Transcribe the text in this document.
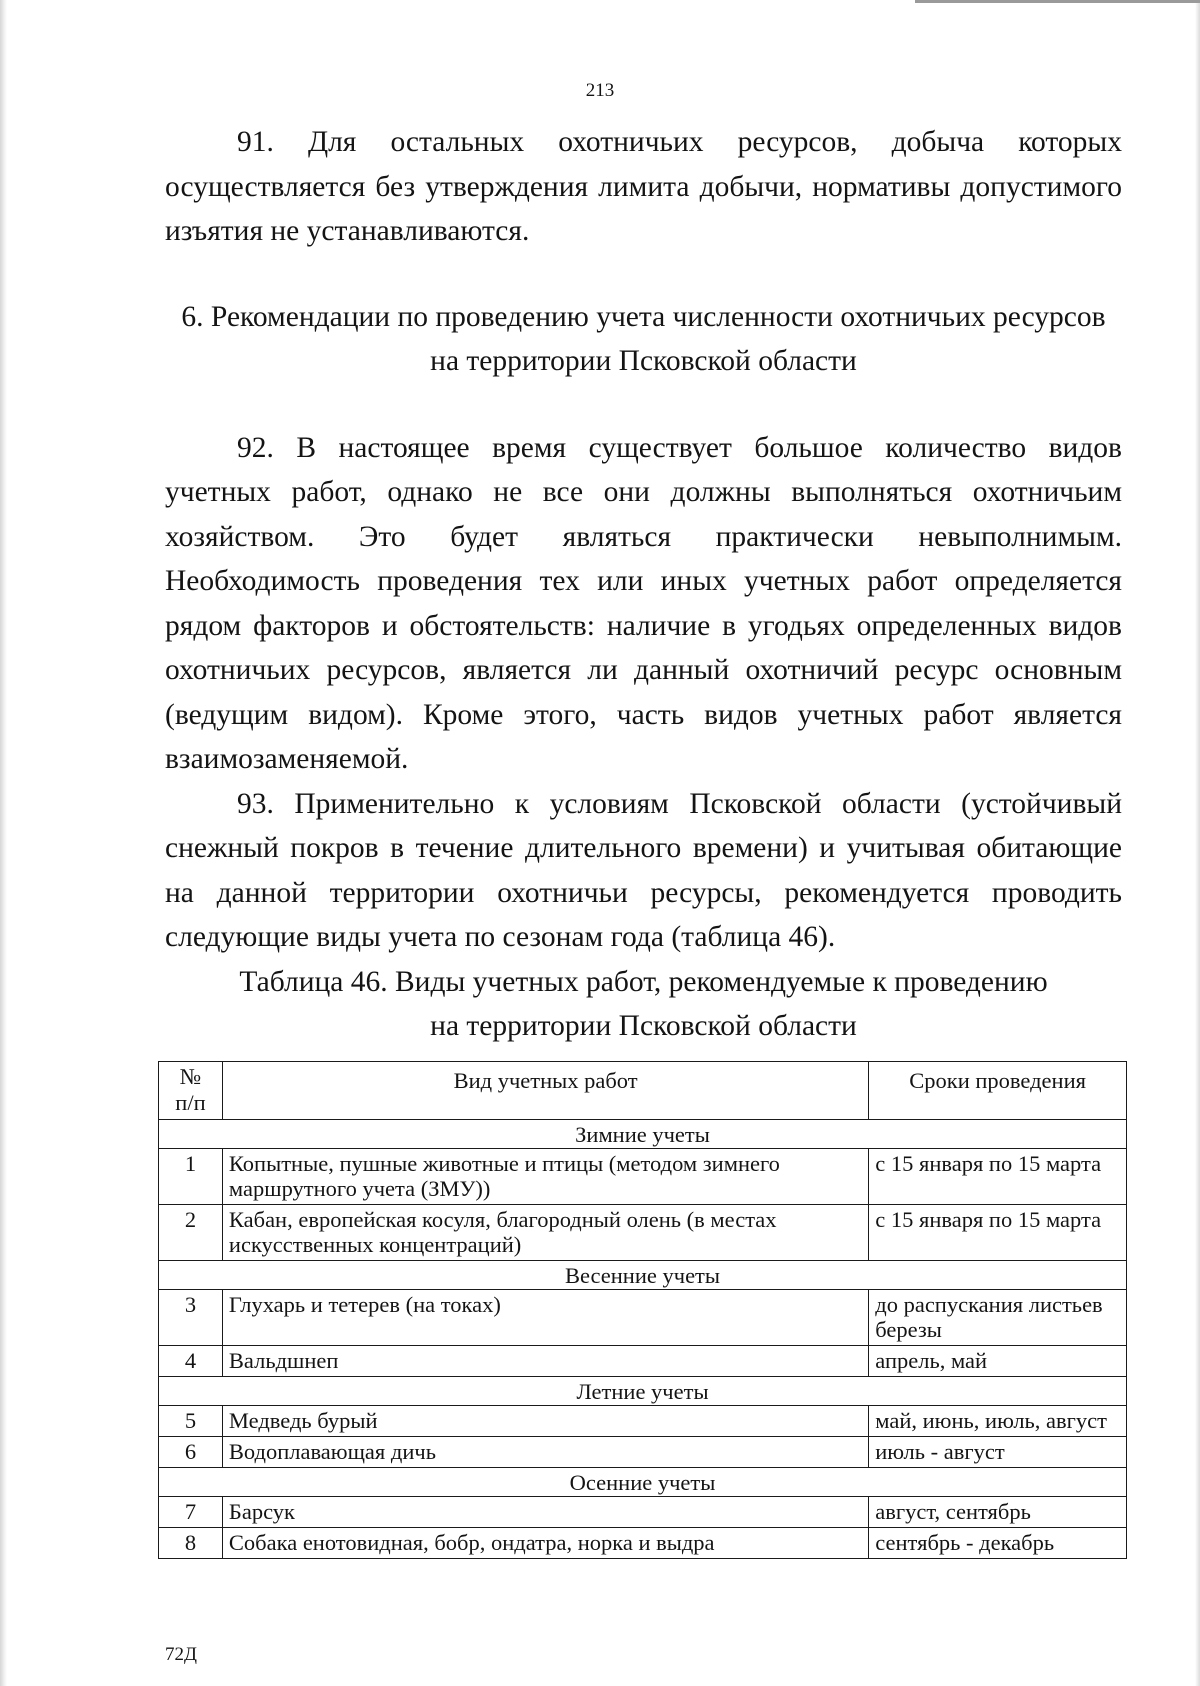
213

91. Для остальных охотничьих ресурсов, добыча которых осуществляется без утверждения лимита добычи, нормативы допустимого изъятия не устанавливаются.

6. Рекомендации по проведению учета численности охотничьих ресурсов

на территории Псковской области

92. В настоящее время существует большое количество видов учетных работ, однако не все они должны выполняться охотничьим хозяйством. Это будет являться практически невыполнимым. Необходимость проведения тех или иных учетных работ определяется рядом факторов и обстоятельств: наличие в угодьях определенных видов охотничьих ресурсов, является ли данный охотничий ресурс основным (ведущим видом). Кроме этого, часть видов учетных работ является взаимозаменяемой.

93. Применительно к условиям Псковской области (устойчивый снежный покров в течение длительного времени) и учитывая обитающие на данной территории охотничьи ресурсы, рекомендуется проводить следующие виды учета по сезонам года (таблица 46).

Таблица 46. Виды учетных работ, рекомендуемые к проведению

на территории Псковской области

№
п/п	Вид учетных работ	Сроки проведения
Зимние учеты		
1	Копытные, пушные животные и птицы (методом зимнего маршрутного учета (ЗМУ))	с 15 января по 15 марта
2	Кабан, европейская косуля, благородный олень (в местах искусственных концентраций)	с 15 января по 15 марта
Весенние учеты		
3	Глухарь и тетерев (на токах)	до распускания листьев березы
4	Вальдшнеп	апрель, май
Летние учеты		
5	Медведь бурый	май, июнь, июль, август
6	Водоплавающая дичь	июль - август
Осенние учеты		
7	Барсук	август, сентябрь
8	Собака енотовидная, бобр, ондатра, норка и выдра	сентябрь - декабрь
72Д
